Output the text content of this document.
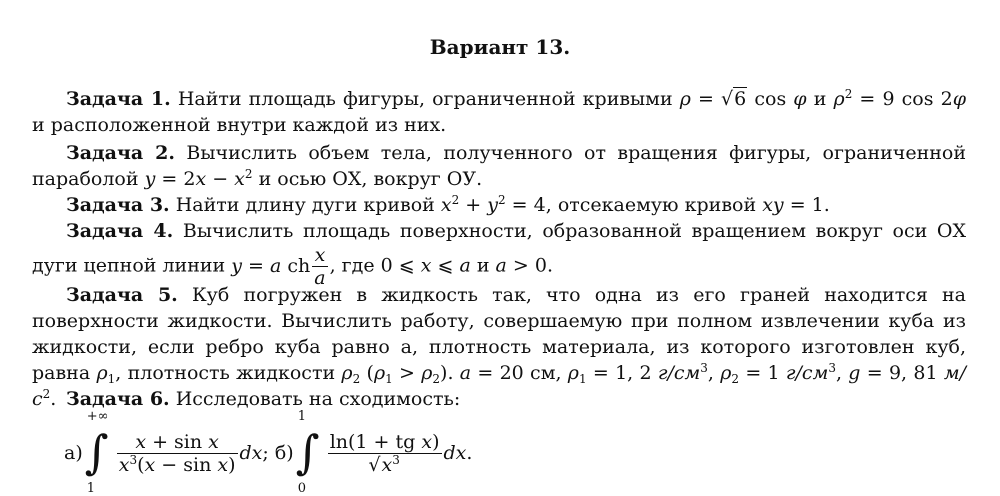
Вариант 13.
Задача 1. Найти площадь фигуры, ограниченной кривыми ρ = √6 cos φ и $\rho^2 = 9$ cos 2φ и расположенной внутри каждой из них.
Задача 2. Вычислить объем тела, полученного от вращения фигуры, ограниченной параболой $y = 2x - x^2$ и осью ОХ, вокруг ОУ.
Задача 3. Найти длину дуги кривой $x^2 + y^2 = 4$, отсекаемую кривой xy = 1.
Задача 4. Вычислить площадь поверхности, образованной вращением вокруг оси ОХ дуги цепной линии y = a ch $\frac{x}{a}$ , где 0 ⩽ x ⩽ a и a > 0.
Задача 5. Куб погружен в жидкость так, что одна из его граней находится на поверхности жидкости. Вычислить работу, совершаемую при полном извлечении куба из жидкости, если ребро куба равно а, плотность материала, из которого изготовлен куб, равна $\rho_1$, плотность жидкости $\rho_2$ $(\rho_1 > \rho_2)$. a = 20 см, $\rho_1 = 1$, 2 $г/см^3$, $\rho_2 = 1$ $г/см^3$, g = 9, 81 $м/с^2$. Задача 6. Исследовать на сходимость:
а)
+∞
∫
1
$\frac{\text{x + sin x}}{x^3(x - \sin x)}$ dx ; б)
1
∫
0
$\frac{\text{ln(1 + tg x)}}{√x^3}$ dx .
